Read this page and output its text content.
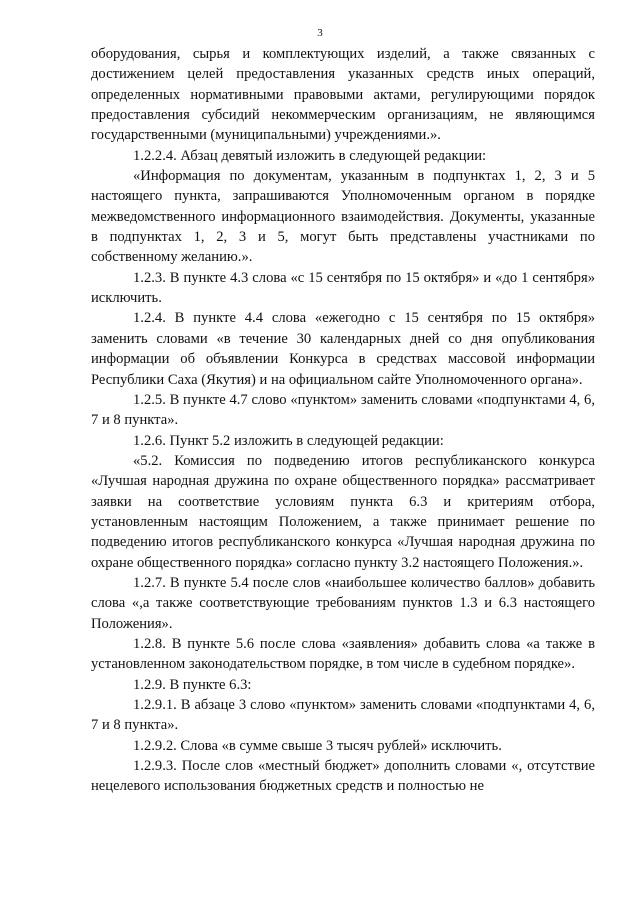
3

оборудования, сырья и комплектующих изделий, а также связанных с достижением целей предоставления указанных средств иных операций, определенных нормативными правовыми актами, регулирующими порядок предоставления субсидий некоммерческим организациям, не являющимся государственными (муниципальными) учреждениями.».

1.2.2.4. Абзац девятый изложить в следующей редакции:

«Информация по документам, указанным в подпунктах 1, 2, 3 и 5 настоящего пункта, запрашиваются Уполномоченным органом в порядке межведомственного информационного взаимодействия. Документы, указанные в подпунктах 1, 2, 3 и 5, могут быть представлены участниками по собственному желанию.».

1.2.3. В пункте 4.3 слова «с 15 сентября по 15 октября» и «до 1 сентября» исключить.

1.2.4. В пункте 4.4 слова «ежегодно с 15 сентября по 15 октября» заменить словами «в течение 30 календарных дней со дня опубликования информации об объявлении Конкурса в средствах массовой информации Республики Саха (Якутия) и на официальном сайте Уполномоченного органа».

1.2.5. В пункте 4.7 слово «пунктом» заменить словами «подпунктами 4, 6, 7 и 8 пункта».

1.2.6. Пункт 5.2 изложить в следующей редакции:

«5.2. Комиссия по подведению итогов республиканского конкурса «Лучшая народная дружина по охране общественного порядка» рассматривает заявки на соответствие условиям пункта 6.3 и критериям отбора, установленным настоящим Положением, а также принимает решение по подведению итогов республиканского конкурса «Лучшая народная дружина по охране общественного порядка» согласно пункту 3.2 настоящего Положения.».

1.2.7. В пункте 5.4 после слов «наибольшее количество баллов» добавить слова «,а также соответствующие требованиям пунктов 1.3 и 6.3 настоящего Положения».

1.2.8. В пункте 5.6 после слова «заявления» добавить слова «а также в установленном законодательством порядке, в том числе в судебном порядке».

1.2.9. В пункте 6.3:

1.2.9.1. В абзаце 3 слово «пунктом» заменить словами «подпунктами 4, 6, 7 и 8 пункта».

1.2.9.2. Слова «в сумме свыше 3 тысяч рублей» исключить.

1.2.9.3. После слов «местный бюджет» дополнить словами «, отсутствие нецелевого использования бюджетных средств и полностью не
